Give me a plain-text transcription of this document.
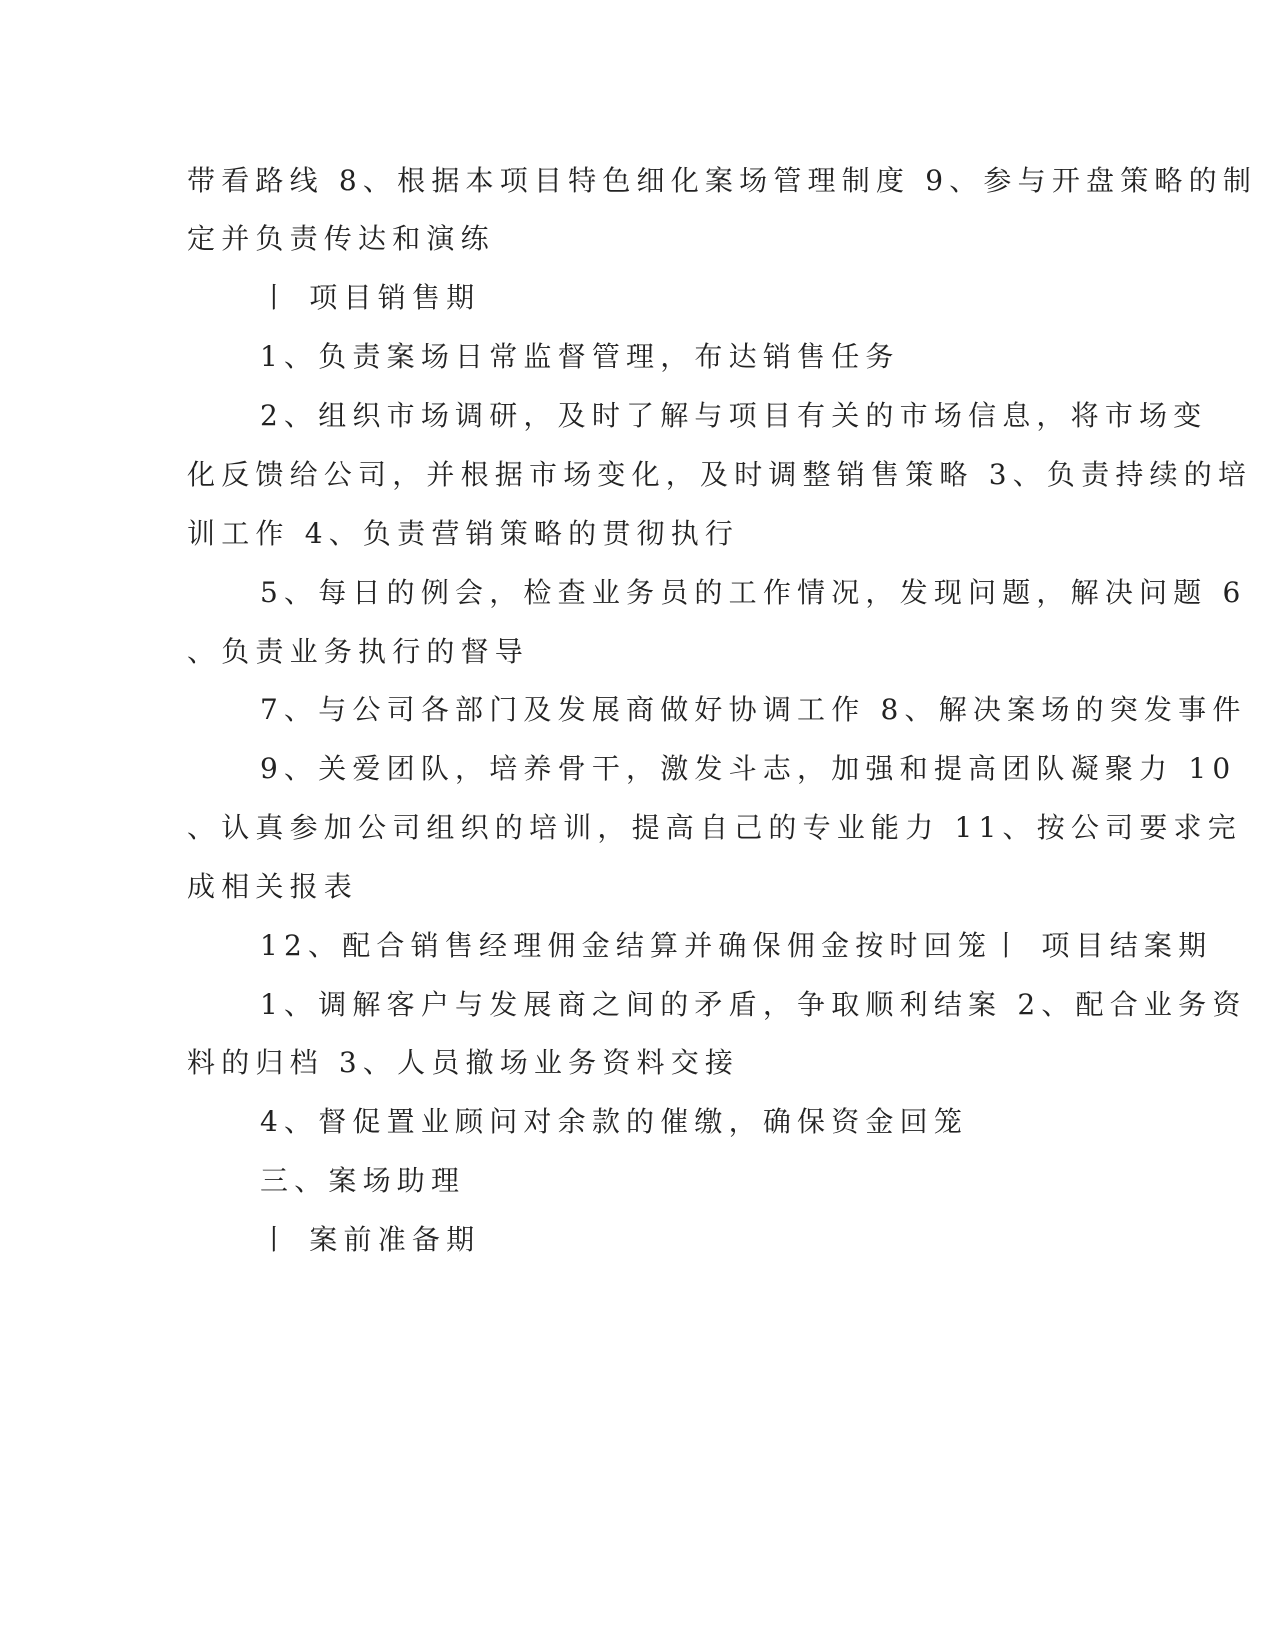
带看路线 8、根据本项目特色细化案场管理制度 9、参与开盘策略的制
定并负责传达和演练
丨 项目销售期
1、负责案场日常监督管理，布达销售任务
2、组织市场调研，及时了解与项目有关的市场信息，将市场变
化反馈给公司，并根据市场变化，及时调整销售策略 3、负责持续的培
训工作 4、负责营销策略的贯彻执行
5、每日的例会，检查业务员的工作情况，发现问题，解决问题 6
、负责业务执行的督导
7、与公司各部门及发展商做好协调工作 8、解决案场的突发事件
9、关爱团队，培养骨干，激发斗志，加强和提高团队凝聚力 10
、认真参加公司组织的培训，提高自己的专业能力 11、按公司要求完
成相关报表
12、配合销售经理佣金结算并确保佣金按时回笼丨 项目结案期
1、调解客户与发展商之间的矛盾，争取顺利结案 2、配合业务资
料的归档 3、人员撤场业务资料交接
4、督促置业顾问对余款的催缴，确保资金回笼
三、案场助理
丨 案前准备期
